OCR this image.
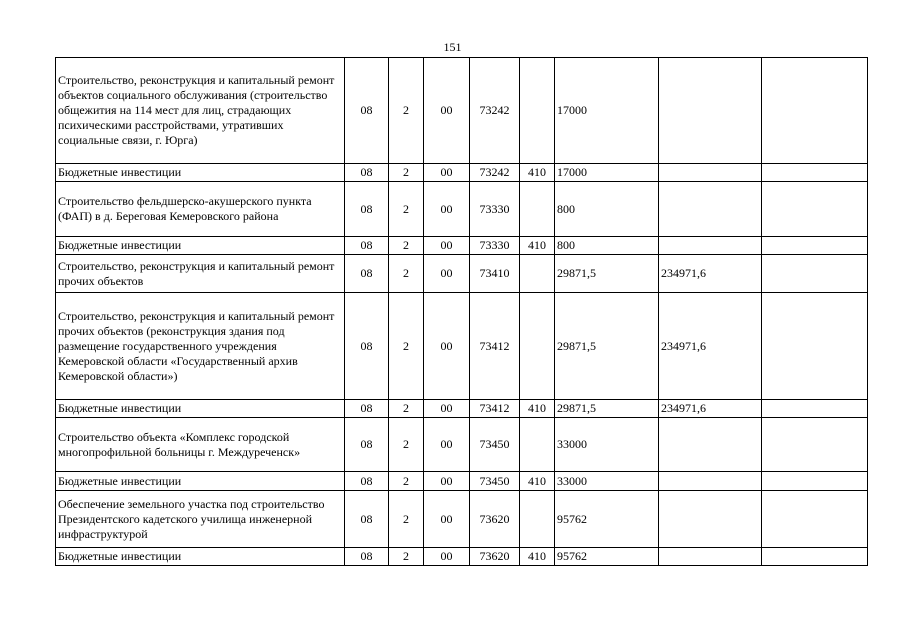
151
Строительство, реконструкция и капитальный ремонт объектов социального обслуживания (строительство общежития на 114 мест для лиц, страдающих психическими расстройствами, утративших социальные связи, г. Юрга)	08	2	00	73242		17000		
Бюджетные инвестиции	08	2	00	73242	410	17000		
Строительство фельдшерско-акушерского пункта (ФАП) в д. Береговая Кемеровского района	08	2	00	73330		800		
Бюджетные инвестиции	08	2	00	73330	410	800		
Строительство, реконструкция и капитальный ремонт прочих объектов	08	2	00	73410		29871,5	234971,6	
Строительство, реконструкция и капитальный ремонт прочих объектов (реконструкция здания под размещение государственного учреждения Кемеровской области «Государственный архив Кемеровской области»)	08	2	00	73412		29871,5	234971,6	
Бюджетные инвестиции	08	2	00	73412	410	29871,5	234971,6	
Строительство объекта «Комплекс городской многопрофильной больницы г. Междуреченск»	08	2	00	73450		33000		
Бюджетные инвестиции	08	2	00	73450	410	33000		
Обеспечение земельного участка под строительство Президентского кадетского училища инженерной инфраструктурой	08	2	00	73620		95762		
Бюджетные инвестиции	08	2	00	73620	410	95762		
